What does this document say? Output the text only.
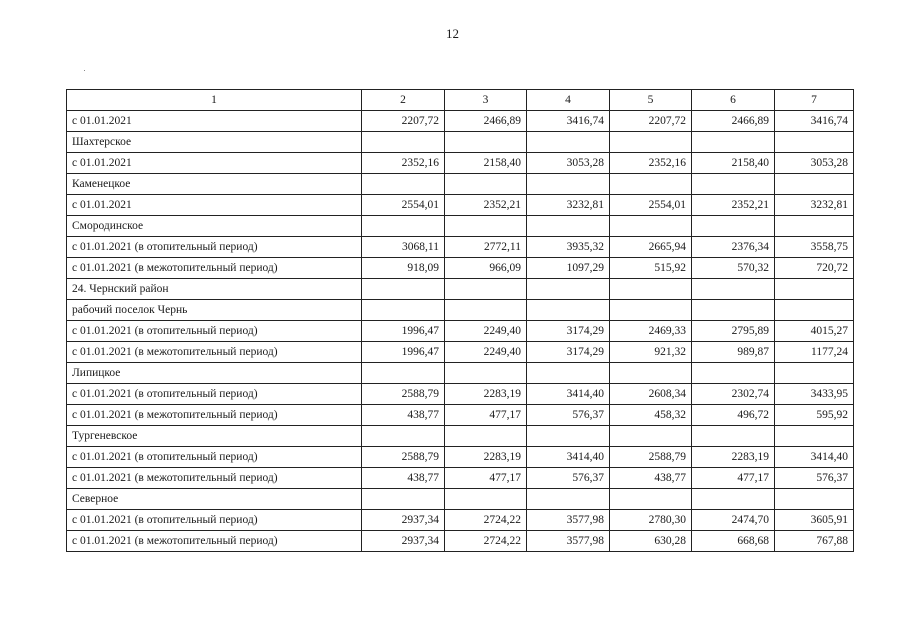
12
1	2	3	4	5	6	7
с 01.01.2021	2207,72	2466,89	3416,74	2207,72	2466,89	3416,74
Шахтерское						
с 01.01.2021	2352,16	2158,40	3053,28	2352,16	2158,40	3053,28
Каменецкое						
с 01.01.2021	2554,01	2352,21	3232,81	2554,01	2352,21	3232,81
Смородинское						
с 01.01.2021 (в отопительный период)	3068,11	2772,11	3935,32	2665,94	2376,34	3558,75
с 01.01.2021 (в межотопительный период)	918,09	966,09	1097,29	515,92	570,32	720,72
24. Чернский район						
рабочий поселок Чернь						
с 01.01.2021 (в отопительный период)	1996,47	2249,40	3174,29	2469,33	2795,89	4015,27
с 01.01.2021 (в межотопительный период)	1996,47	2249,40	3174,29	921,32	989,87	1177,24
Липицкое						
с 01.01.2021 (в отопительный период)	2588,79	2283,19	3414,40	2608,34	2302,74	3433,95
с 01.01.2021 (в межотопительный период)	438,77	477,17	576,37	458,32	496,72	595,92
Тургеневское						
с 01.01.2021 (в отопительный период)	2588,79	2283,19	3414,40	2588,79	2283,19	3414,40
с 01.01.2021 (в межотопительный период)	438,77	477,17	576,37	438,77	477,17	576,37
Северное						
с 01.01.2021 (в отопительный период)	2937,34	2724,22	3577,98	2780,30	2474,70	3605,91
с 01.01.2021 (в межотопительный период)	2937,34	2724,22	3577,98	630,28	668,68	767,88
